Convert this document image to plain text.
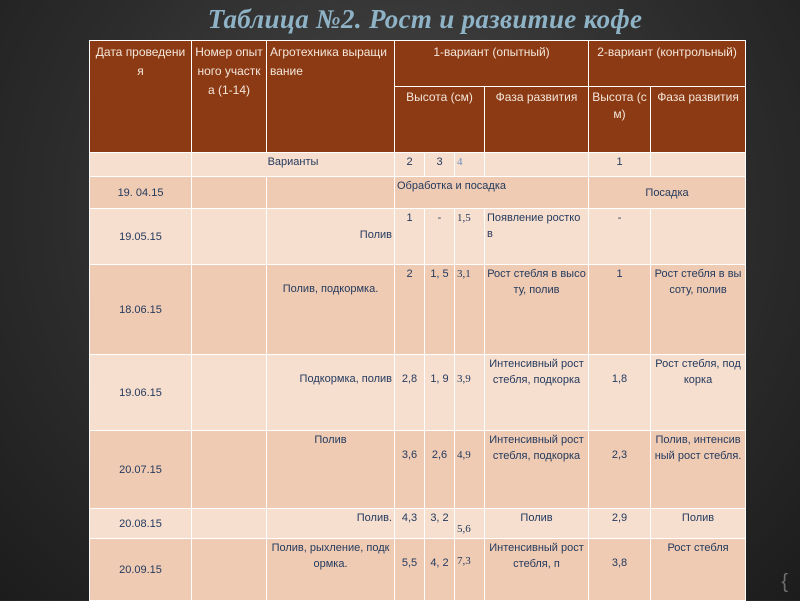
Таблица №2. Рост и развитие кофе
Дата проведения	Номер опытного участка (1-14)	Агротехника выращивание	1-вариант (опытный)				2-вариант (контрольный)	
			Высота (см)			Фаза развития	Высота (см)	Фаза развития
	Варианты		2	3	4		1	
19. 04.15			Обработка и посадка				Посадка	
19.05.15		Полив	1	-	1,5	Появление ростков	-	
18.06.15		Полив, подкормка.	2	1, 5	3,1	Рост стебля в высоту, полив	1	Рост стебля в высоту, полив
19.06.15		Подкормка, полив	2,8	1, 9	3,9	Интенсивный рост стебля, подкорка	1,8	Рост стебля, подкорка
20.07.15		Полив	3,6	2,6	4,9	Интенсивный рост стебля, подкорка	2,3	Полив, интенсивный рост стебля.
20.08.15		Полив.	4,3	3, 2	5,6	Полив	2,9	Полив
20.09.15		Полив, рыхление, подкормка.	5,5	4, 2	7,3	Интенсивный рост стебля, п	3,8	Рост стебля
{
